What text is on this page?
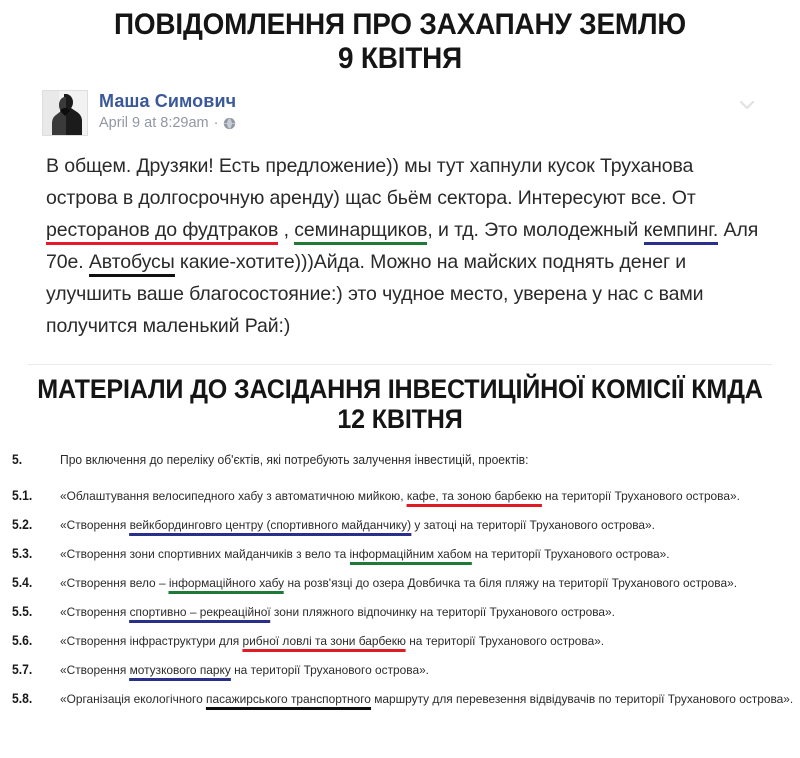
ПОВІДОМЛЕННЯ ПРО ЗАХАПАНУ ЗЕМЛЮ
9 КВІТНЯ
Маша Симович
April 9 at 8:29am ·

В общем. Друзяки! Есть предложение)) мы тут хапнули кусок Труханова острова в долгосрочную аренду) щас бьём сектора. Интересуют все. От ресторанов до фудтраков , семинарщиков, и тд. Это молодежный кемпинг. Аля 70е. Автобусы какие-хотите)))Айда. Можно на майских поднять денег и улучшить ваше благосостояние:) это чудное место, уверена у нас с вами получится маленький Рай:)

МАТЕРІАЛИ ДО ЗАСІДАННЯ ІНВЕСТИЦІЙНОЇ КОМІСІЇ КМДА
12 КВІТНЯ
5.	Про включення до переліку об'єктів, які потребують залучення інвестицій, проектів:
5.1.	«Облаштування велосипедного хабу з автоматичною мийкою, кафе, та зоною барбекю на території Труханового острова».
5.2.	«Створення вейкбординговго центру (спортивного майданчику) у затоці на території Труханового острова».
5.3.	«Створення зони спортивних майданчиків з вело та інформаційним хабом на території Труханового острова».
5.4.	«Створення вело – інформаційного хабу на розв'язці до озера Довбичка та біля пляжу на території Труханового острова».
5.5.	«Створення спортивно – рекреаційної зони пляжного відпочинку на території Труханового острова».
5.6.	«Створення інфраструктури для рибної ловлі та зони барбекю на території Труханового острова».
5.7.	«Створення мотузкового парку на території Труханового острова».
5.8.	«Організація екологічного пасажирського транспортного маршруту для перевезення відвідувачів по території Труханового острова».
